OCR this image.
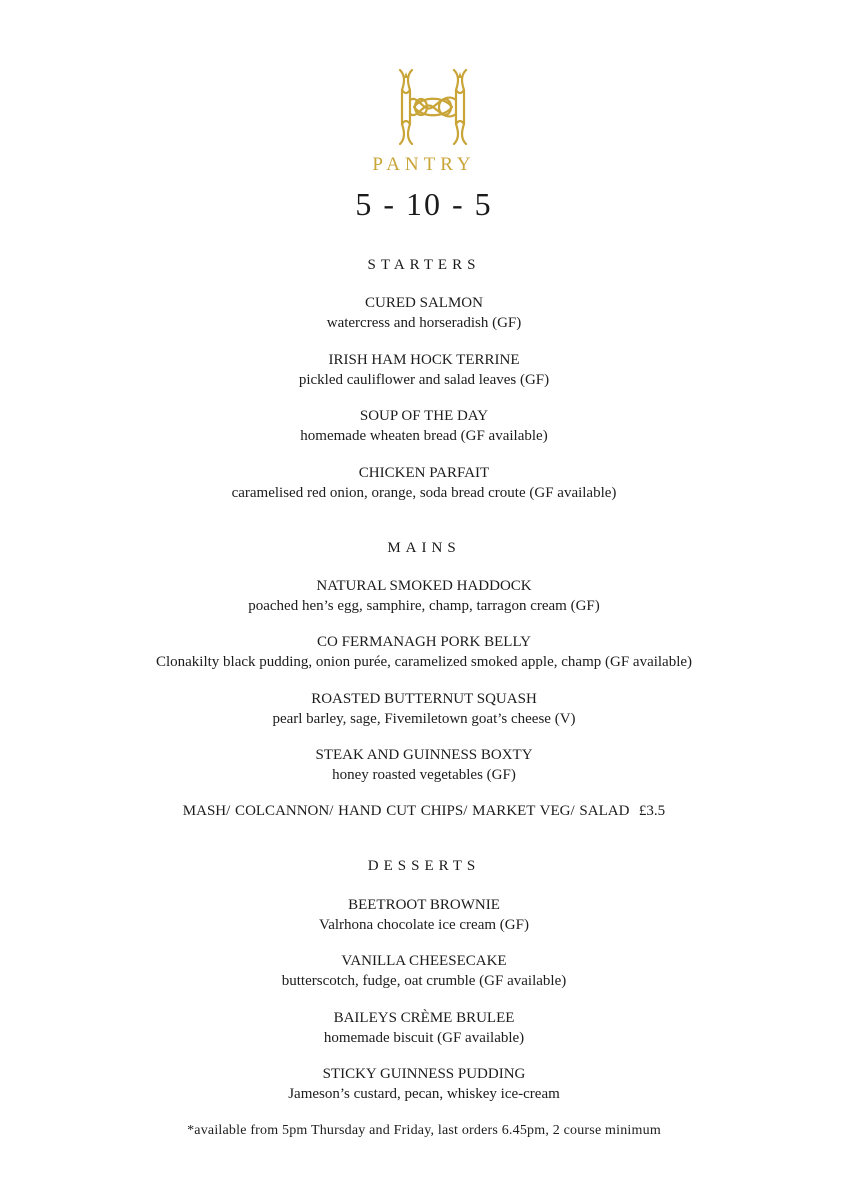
PANTRY
5 - 10 - 5
STARTERS
CURED SALMON
watercress and horseradish (GF)
IRISH HAM HOCK TERRINE
pickled cauliflower and salad leaves (GF)
SOUP OF THE DAY
homemade wheaten bread (GF available)
CHICKEN PARFAIT
caramelised red onion, orange, soda bread croute (GF available)
MAINS
NATURAL SMOKED HADDOCK
poached hen’s egg, samphire, champ, tarragon cream (GF)
CO FERMANAGH PORK BELLY
Clonakilty black pudding, onion purée, caramelized smoked apple, champ (GF available)
ROASTED BUTTERNUT SQUASH
pearl barley, sage, Fivemiletown goat’s cheese (V)
STEAK AND GUINNESS BOXTY
honey roasted vegetables (GF)
MASH/ COLCANNON/ HAND CUT CHIPS/ MARKET VEG/ SALAD  £3.5
DESSERTS
BEETROOT BROWNIE
Valrhona chocolate ice cream (GF)
VANILLA CHEESECAKE
butterscotch, fudge, oat crumble (GF available)
BAILEYS CRÈME BRULEE
homemade biscuit (GF available)
STICKY GUINNESS PUDDING
Jameson’s custard, pecan, whiskey ice-cream
*available from 5pm Thursday and Friday, last orders 6.45pm, 2 course minimum
